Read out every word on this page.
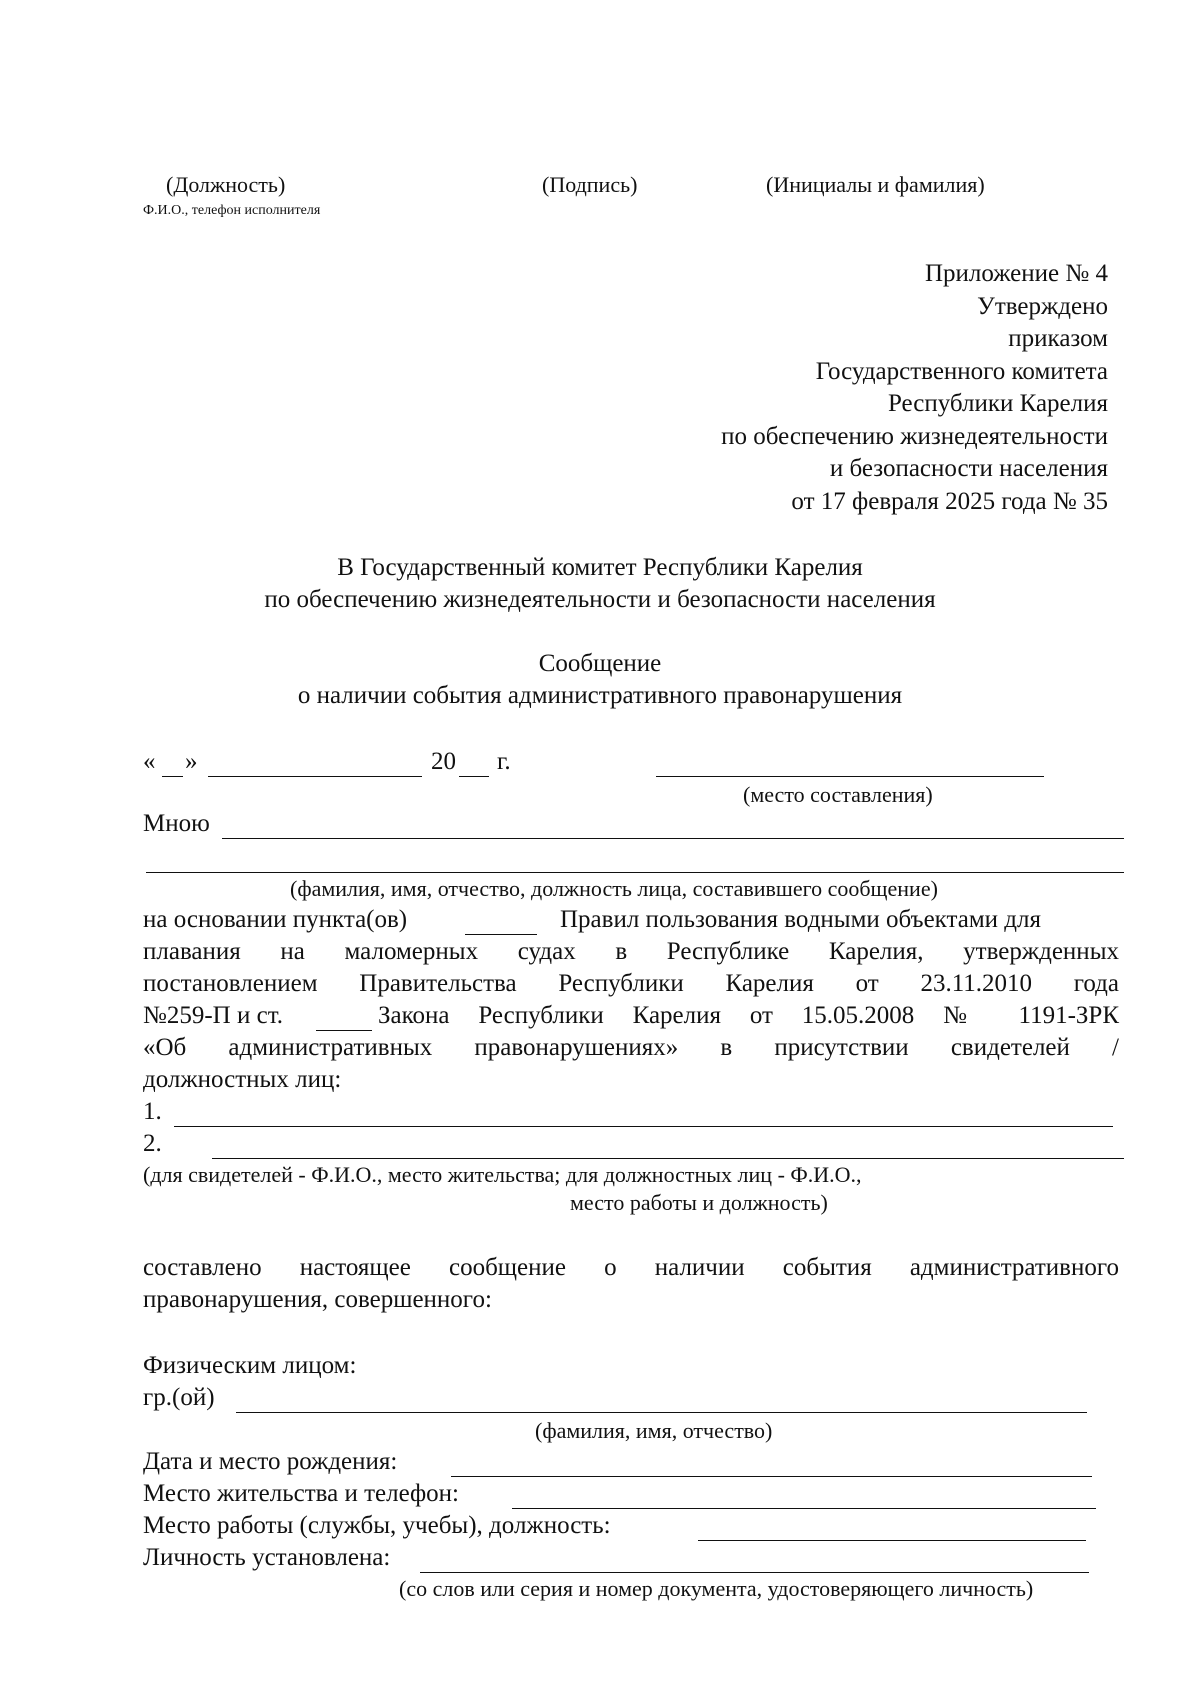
(Должность)	(Подпись)	(Инициалы и фамилия)
Ф.И.О., телефон исполнителя
Приложение № 4
Утверждено
приказом
Государственного комитета
Республики Карелия
по обеспечению жизнедеятельности
и безопасности населения
от 17 февраля 2025 года № 35
В Государственный комитет Республики Карелия
по обеспечению жизнедеятельности и безопасности населения
Сообщение
о наличии события административного правонарушения
« »	20 г.
(место составления)
Мною
(фамилия, имя, отчество, должность лица, составившего сообщение)
на основании пункта(ов)	Правил пользования водными объектами для
плавания на маломерных судах в Республике Карелия, утвержденных
постановлением Правительства Республики Карелия от 23.11.2010 года
№259-П и ст.	Закона Республики Карелия от 15.05.2008 № 1191-ЗРК
«Об административных правонарушениях» в присутствии свидетелей /
должностных лиц:
1.
2.
(для свидетелей - Ф.И.О., место жительства; для должностных лиц - Ф.И.О.,
место работы и должность)
составлено настоящее сообщение о наличии события административного
правонарушения, совершенного:
Физическим лицом:
гр.(ой)
(фамилия, имя, отчество)
Дата и место рождения:
Место жительства и телефон:
Место работы (службы, учебы), должность:
Личность установлена:
(со слов или серия и номер документа, удостоверяющего личность)
